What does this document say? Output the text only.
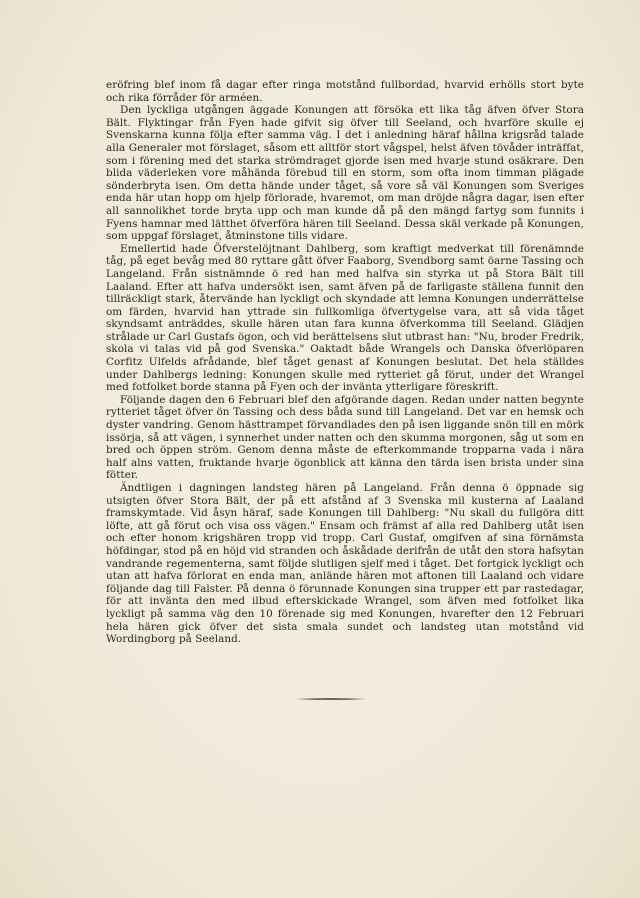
eröfring blef inom få dagar efter ringa motstånd fullbordad, hvarvid erhölls stort byte och rika förråder för arméen.

Den lyckliga utgången äggade Konungen att försöka ett lika tåg äfven öfver Stora Bält. Flyktingar från Fyen hade gifvit sig öfver till Seeland, och hvarföre skulle ej Svenskarna kunna följa efter samma väg. I det i anledning häraf hållna krigsråd talade alla Generaler mot förslaget, såsom ett alltför stort vågspel, helst äfven tövåder inträffat, som i förening med det starka strömdraget gjorde isen med hvarje stund osäkrare. Den blida väderleken vore måhända förebud till en storm, som ofta inom timman plägade sönderbryta isen. Om detta hände under tåget, så vore så väl Konungen som Sveriges enda här utan hopp om hjelp förlorade, hvaremot, om man dröjde några dagar, isen efter all sannolikhet torde bryta upp och man kunde då på den mängd fartyg som funnits i Fyens hamnar med lätthet öfverföra hären till Seeland. Dessa skäl verkade på Konungen, som uppgaf förslaget, åtminstone tills vidare.

Emellertid hade Öfverstelöjtnant Dahlberg, som kraftigt medverkat till förenämnde tåg, på eget bevåg med 80 ryttare gått öfver Faaborg, Svendborg samt öarne Tassing och Langeland. Från sistnämnde ö red han med halfva sin styrka ut på Stora Bält till Laaland. Efter att hafva undersökt isen, samt äfven på de farligaste ställena funnit den tillräckligt stark, återvände han lyckligt och skyndade att lemna Konungen underrättelse om färden, hvarvid han yttrade sin fullkomliga öfvertygelse vara, att så vida tåget skyndsamt anträddes, skulle hären utan fara kunna öfverkomma till Seeland. Glädjen strålade ur Carl Gustafs ögon, och vid berättelsens slut utbrast han: "Nu, broder Fredrik, skola vi talas vid på god Svenska." Oaktadt både Wrangels och Danska öfverlöparen Corfitz Ulfelds afrådande, blef tåget genast af Konungen beslutat. Det hela ställdes under Dahlbergs ledning: Konungen skulle med rytteriet gå förut, under det Wrangel med fotfolket borde stanna på Fyen och der invänta ytterligare föreskrift.

Följande dagen den 6 Februari blef den afgörande dagen. Redan under natten begynte rytteriet tåget öfver ön Tassing och dess båda sund till Langeland. Det var en hemsk och dyster vandring. Genom hästtrampet förvandlades den på isen liggande snön till en mörk issörja, så att vägen, i synnerhet under natten och den skumma morgonen, såg ut som en bred och öppen ström. Genom denna måste de efterkommande tropparna vada i nära half alns vatten, fruktande hvarje ögonblick att känna den tärda isen brista under sina fötter.

Ändtligen i dagningen landsteg hären på Langeland. Från denna ö öppnade sig utsigten öfver Stora Bält, der på ett afstånd af 3 Svenska mil kusterna af Laaland framskymtade. Vid åsyn häraf, sade Konungen till Dahlberg: "Nu skall du fullgöra ditt löfte, att gå förut och visa oss vägen." Ensam och främst af alla red Dahlberg utåt isen och efter honom krigshären tropp vid tropp. Carl Gustaf, omgifven af sina förnämsta höfdingar, stod på en höjd vid stranden och åskådade derifrån de utåt den stora hafsytan vandrande regementerna, samt följde slutligen sjelf med i tåget. Det fortgick lyckligt och utan att hafva förlorat en enda man, anlände hären mot aftonen till Laaland och vidare följande dag till Falster. På denna ö förunnade Konungen sina trupper ett par rastedagar, för att invänta den med ilbud efterskickade Wrangel, som äfven med fotfolket lika lyckligt på samma väg den 10 förenade sig med Konungen, hvarefter den 12 Februari hela hären gick öfver det sista smala sundet och landsteg utan motstånd vid Wordingborg på Seeland.
